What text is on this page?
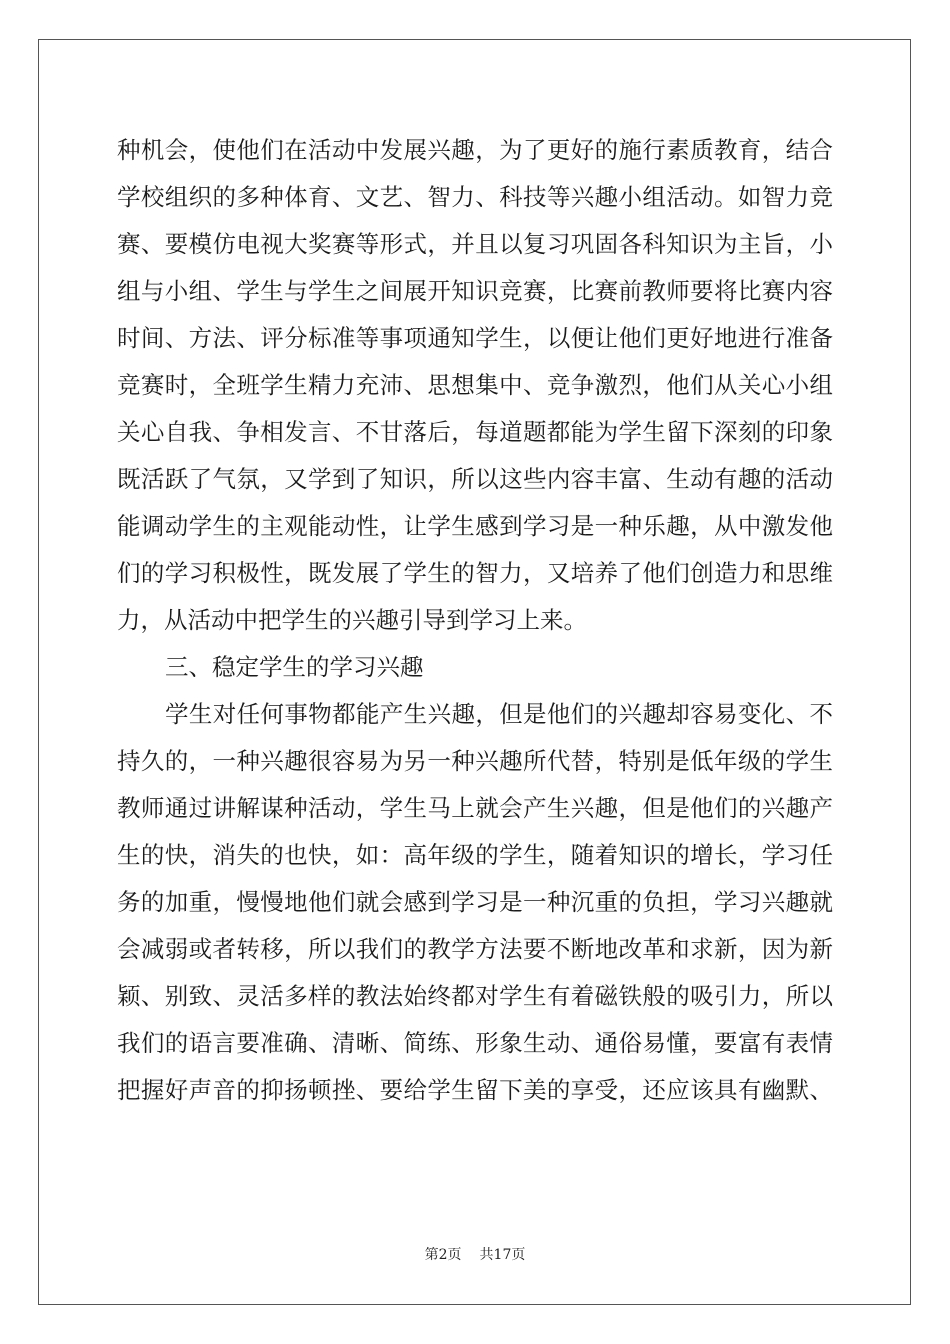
种机会，使他们在活动中发展兴趣，为了更好的施行素质教育，结合
学校组织的多种体育、文艺、智力、科技等兴趣小组活动。如智力竞
赛、要模仿电视大奖赛等形式，并且以复习巩固各科知识为主旨，小
组与小组、学生与学生之间展开知识竞赛，比赛前教师要将比赛内容
时间、方法、评分标准等事项通知学生，以便让他们更好地进行准备
竞赛时，全班学生精力充沛、思想集中、竞争激烈，他们从关心小组
关心自我、争相发言、不甘落后，每道题都能为学生留下深刻的印象
既活跃了气氛，又学到了知识，所以这些内容丰富、生动有趣的活动
能调动学生的主观能动性，让学生感到学习是一种乐趣，从中激发他
们的学习积极性，既发展了学生的智力，又培养了他们创造力和思维
力，从活动中把学生的兴趣引导到学习上来。
三、稳定学生的学习兴趣
学生对任何事物都能产生兴趣，但是他们的兴趣却容易变化、不
持久的，一种兴趣很容易为另一种兴趣所代替，特别是低年级的学生
教师通过讲解谋种活动，学生马上就会产生兴趣，但是他们的兴趣产
生的快，消失的也快，如：高年级的学生，随着知识的增长，学习任
务的加重，慢慢地他们就会感到学习是一种沉重的负担，学习兴趣就
会减弱或者转移，所以我们的教学方法要不断地改革和求新，因为新
颖、别致、灵活多样的教法始终都对学生有着磁铁般的吸引力，所以
我们的语言要准确、清晰、简练、形象生动、通俗易懂，要富有表情
把握好声音的抑扬顿挫、要给学生留下美的享受，还应该具有幽默、
第2页 共17页
